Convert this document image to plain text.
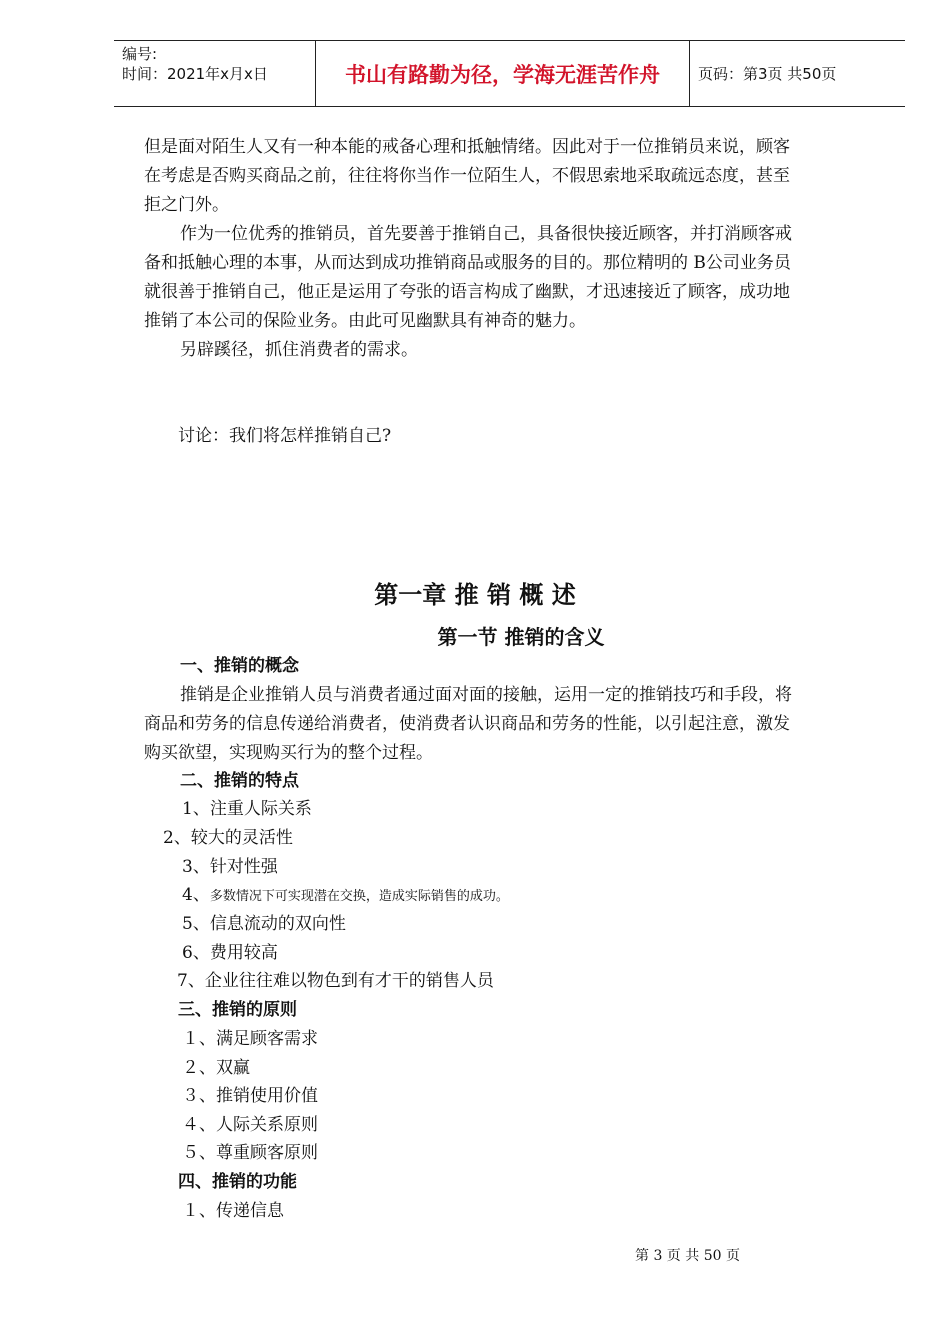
编号:
时间：2021年x月x日	书山有路勤为径，学海无涯苦作舟	页码：第3页 共50页
但是面对陌生人又有一种本能的戒备心理和抵触情绪。因此对于一位推销员来说，顾客
在考虑是否购买商品之前，往往将你当作一位陌生人，不假思索地采取疏远态度，甚至
拒之门外。
作为一位优秀的推销员，首先要善于推销自己，具备很快接近顾客，并打消顾客戒
备和抵触心理的本事，从而达到成功推销商品或服务的目的。那位精明的 B公司业务员
就很善于推销自己，他正是运用了夸张的语言构成了幽默，才迅速接近了顾客，成功地
推销了本公司的保险业务。由此可见幽默具有神奇的魅力。
另辟蹊径，抓住消费者的需求。
讨论：我们将怎样推销自己?
第一章 推 销 概 述
第一节 推销的含义
一、推销的概念
推销是企业推销人员与消费者通过面对面的接触，运用一定的推销技巧和手段，将
商品和劳务的信息传递给消费者，使消费者认识商品和劳务的性能，以引起注意，激发
购买欲望，实现购买行为的整个过程。
二、推销的特点
1、注重人际关系
2、较大的灵活性
3、针对性强
4、多数情况下可实现潜在交换，造成实际销售的成功。
5、信息流动的双向性
6、费用较高
7、企业往往难以物色到有才干的销售人员
三、推销的原则
１、满足顾客需求
２、双赢
３、推销使用价值
４、人际关系原则
５、尊重顾客原则
四、推销的功能
１、传递信息
第 3 页 共 50 页
